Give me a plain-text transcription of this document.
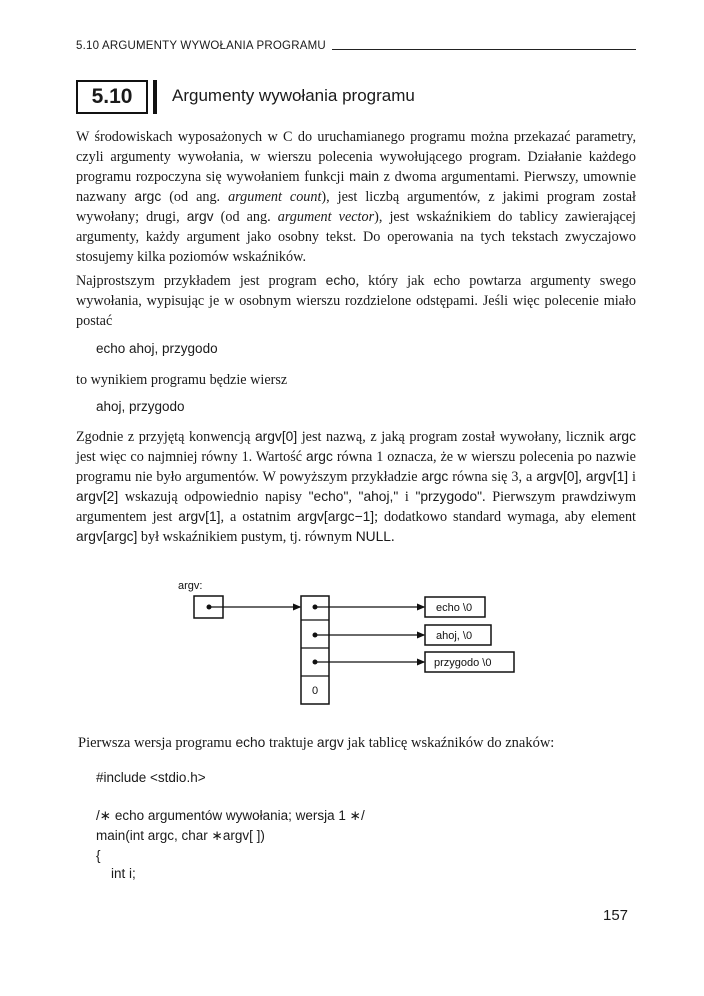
5.10 ARGUMENTY WYWOŁANIA PROGRAMU
5.10 Argumenty wywołania programu

W środowiskach wyposażonych w C do uruchamianego programu można przekazać parametry, czyli argumenty wywołania, w wierszu polecenia wywołującego program. Działanie każdego programu rozpoczyna się wywołaniem funkcji main z dwoma argumentami. Pierwszy, umownie nazwany argc (od ang. argument count), jest liczbą argumentów, z jakimi program został wywołany; drugi, argv (od ang. argument vector), jest wskaźnikiem do tablicy zawierającej argumenty, każdy argument jako osobny tekst. Do operowania na tych tekstach zwyczajowo stosujemy kilka poziomów wskaźników.

Najprostszym przykładem jest program echo, który jak echo powtarza argumenty swego wywołania, wypisując je w osobnym wierszu rozdzielone odstępami. Jeśli więc polecenie miało postać

echo ahoj, przygodo

to wynikiem programu będzie wiersz

ahoj, przygodo

Zgodnie z przyjętą konwencją argv[0] jest nazwą, z jaką program został wywołany, licznik argc jest więc co najmniej równy 1. Wartość argc równa 1 oznacza, że w wierszu polecenia po nazwie programu nie było argumentów. W powyższym przykładzie argc równa się 3, a argv[0], argv[1] i argv[2] wskazują odpowiednio napisy "echo", "ahoj," i "przygodo". Pierwszym prawdziwym argumentem jest argv[1], a ostatnim argv[argc−1]; dodatkowo standard wymaga, aby element argv[argc] był wskaźnikiem pustym, tj. równym NULL.

argv:
echo \0
ahoj, \0
przygodo \0
0

Pierwsza wersja programu echo traktuje argv jak tablicę wskaźników do znaków:

#include <stdio.h>
/∗ echo argumentów wywołania; wersja 1 ∗/
main(int argc, char ∗argv[ ])
{
int i;
157
